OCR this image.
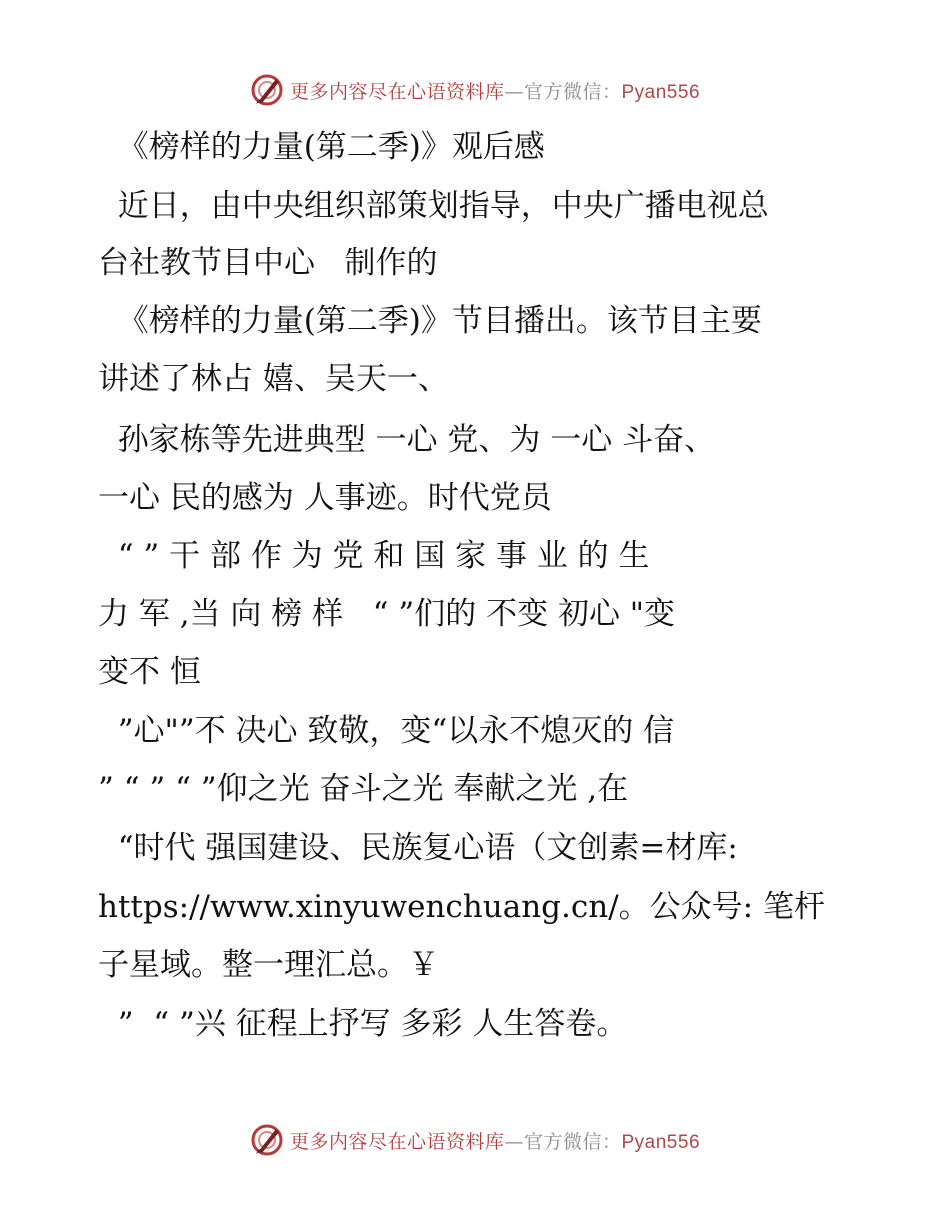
更多内容尽在心语资料库—官方微信：Pyan556
《榜样的力量(第二季)》观后感
近日，由中央组织部策划指导，中央广播电视总
台社教节目中心   制作的
《榜样的力量(第二季)》节目播出。该节目主要
讲述了林占 嬉、吴天一、
孙家栋等先进典型 一心 党、为 一心 斗奋、
一心 民的感为 人事迹。时代党员
“ ” 干 部 作 为 党 和 国 家 事 业 的 生
力 军 ,当 向 榜 样   “ ”们的 不变 初心 "变
变不 恒
”心"”不 决心 致敬，变“以永不熄灭的 信
” “ ” “ ”仰之光 奋斗之光 奉献之光 ,在
“时代 强国建设、民族复心语（文创素=材库:
https://www.xinyuwenchuang.cn/。公众号: 笔杆
子星域。整一理汇总。￥
”  “ ”兴 征程上抒写 多彩 人生答卷。
更多内容尽在心语资料库—官方微信：Pyan556
